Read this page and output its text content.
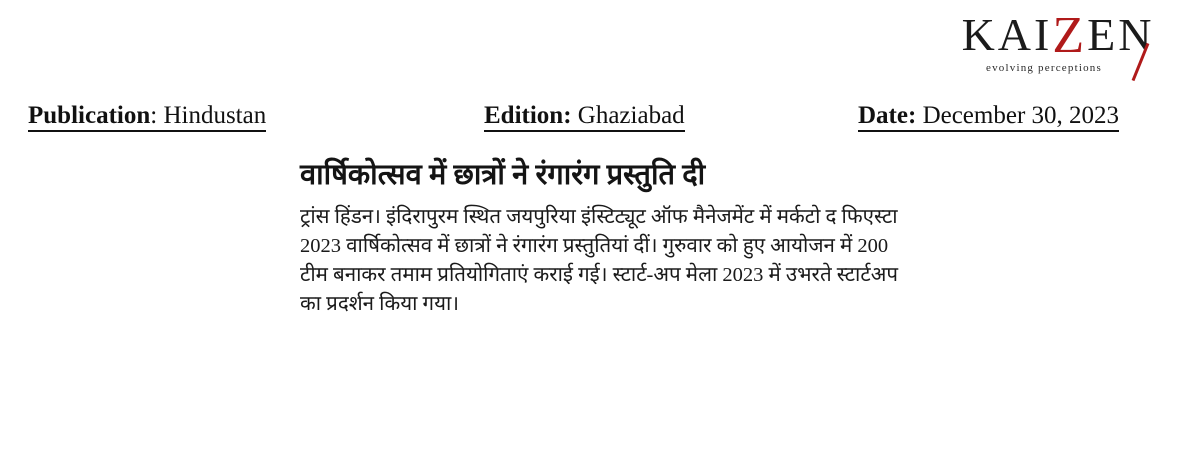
KAIZEN
evolving perceptions
Publication: Hindustan	Edition: Ghaziabad	Date: December 30, 2023
वार्षिकोत्सव में छात्रों ने रंगारंग प्रस्तुति दी
ट्रांस हिंडन। इंदिरापुरम स्थित जयपुरिया इंस्टिट्यूट ऑफ मैनेजमेंट में मर्कटो द फिएस्टा 2023 वार्षिकोत्सव में छात्रों ने रंगारंग प्रस्तुतियां दीं। गुरुवार को हुए आयोजन में 200 टीम बनाकर तमाम प्रतियोगिताएं कराई गई। स्टार्ट-अप मेला 2023 में उभरते स्टार्टअप का प्रदर्शन किया गया।
